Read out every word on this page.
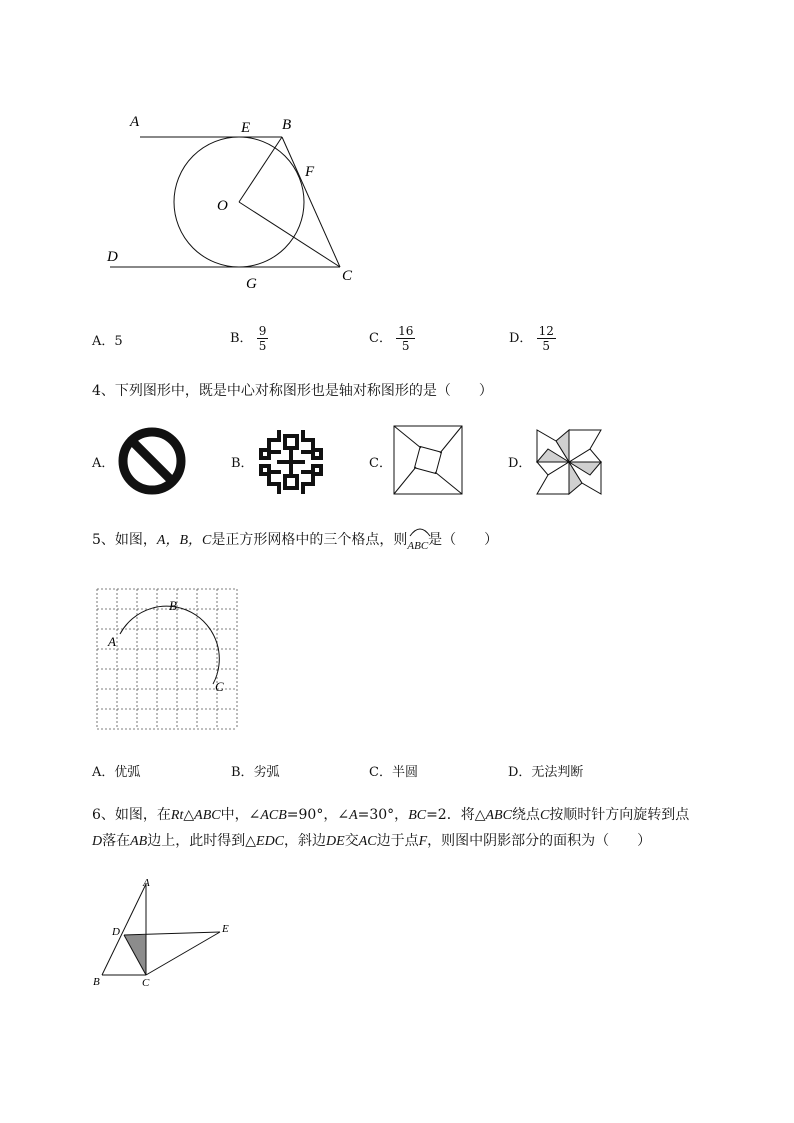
A	E B
F
O
D
G	C
A．5	B． $\frac{9}{5}$	C． $\frac{16}{5}$	D． $\frac{12}{5}$
4、下列图形中，既是中心对称图形也是轴对称图形的是（　　）
A．	B．	C．	D．
5、如图，A，B，C是正方形网格中的三个格点，则$_{ABC}$
是（　　）
A
B
C
A．优弧	B．劣弧	C．半圆	D．无法判断
6、如图，在Rt△ABC中，∠ACB=90°，∠A=30°，BC=2．将△ABC绕点C按顺时针方向旋转到点
D落在AB边上，此时得到△EDC，斜边DE交AC边于点F，则图中阴影部分的面积为（　　）
A
D	E
B	C
